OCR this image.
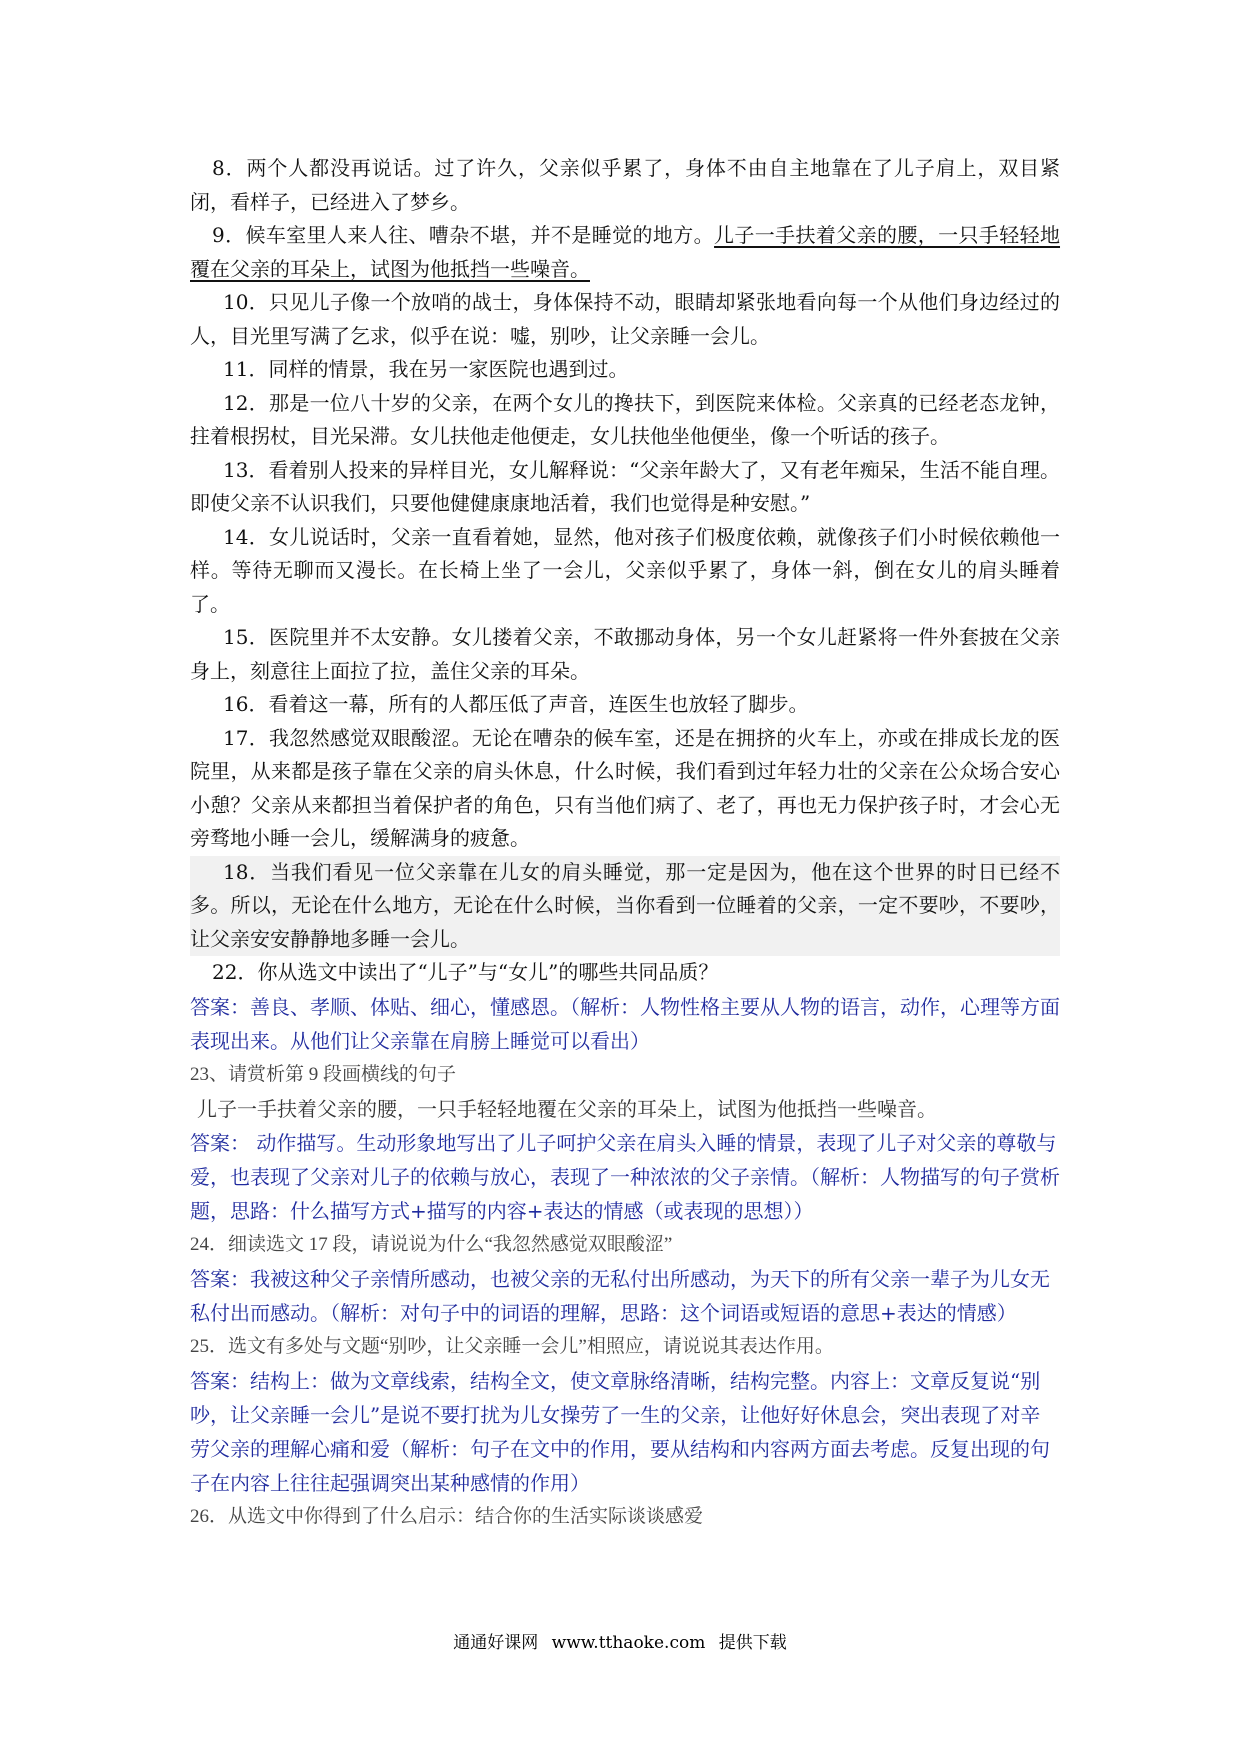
8．两个人都没再说话。过了许久，父亲似乎累了，身体不由自主地靠在了儿子肩上，双目紧闭，看样子，已经进入了梦乡。

9．候车室里人来人往、嘈杂不堪，并不是睡觉的地方。儿子一手扶着父亲的腰，一只手轻轻地覆在父亲的耳朵上，试图为他抵挡一些噪音。

10．只见儿子像一个放哨的战士，身体保持不动，眼睛却紧张地看向每一个从他们身边经过的人，目光里写满了乞求，似乎在说：嘘，别吵，让父亲睡一会儿。

11．同样的情景，我在另一家医院也遇到过。

12．那是一位八十岁的父亲，在两个女儿的搀扶下，到医院来体检。父亲真的已经老态龙钟，拄着根拐杖，目光呆滞。女儿扶他走他便走，女儿扶他坐他便坐，像一个听话的孩子。

13．看着别人投来的异样目光，女儿解释说：“父亲年龄大了，又有老年痴呆，生活不能自理。即使父亲不认识我们，只要他健健康康地活着，我们也觉得是种安慰。”

14．女儿说话时，父亲一直看着她，显然，他对孩子们极度依赖，就像孩子们小时候依赖他一样。等待无聊而又漫长。在长椅上坐了一会儿，父亲似乎累了，身体一斜，倒在女儿的肩头睡着了。

15．医院里并不太安静。女儿搂着父亲，不敢挪动身体，另一个女儿赶紧将一件外套披在父亲身上，刻意往上面拉了拉，盖住父亲的耳朵。

16．看着这一幕，所有的人都压低了声音，连医生也放轻了脚步。

17．我忽然感觉双眼酸涩。无论在嘈杂的候车室，还是在拥挤的火车上，亦或在排成长龙的医院里，从来都是孩子靠在父亲的肩头休息，什么时候，我们看到过年轻力壮的父亲在公众场合安心小憩？父亲从来都担当着保护者的角色，只有当他们病了、老了，再也无力保护孩子时，才会心无旁骛地小睡一会儿，缓解满身的疲惫。

18．当我们看见一位父亲靠在儿女的肩头睡觉，那一定是因为，他在这个世界的时日已经不多。所以，无论在什么地方，无论在什么时候，当你看到一位睡着的父亲，一定不要吵，不要吵，让父亲安安静静地多睡一会儿。

22．你从选文中读出了“儿子”与“女儿”的哪些共同品质？

答案：善良、孝顺、体贴、细心，懂感恩。（解析：人物性格主要从人物的语言，动作，心理等方面表现出来。从他们让父亲靠在肩膀上睡觉可以看出）

23、请赏析第 9 段画横线的句子

儿子一手扶着父亲的腰，一只手轻轻地覆在父亲的耳朵上，试图为他抵挡一些噪音。

答案： 动作描写。生动形象地写出了儿子呵护父亲在肩头入睡的情景，表现了儿子对父亲的尊敬与爱，也表现了父亲对儿子的依赖与放心，表现了一种浓浓的父子亲情。（解析：人物描写的句子赏析题，思路：什么描写方式+描写的内容+表达的情感（或表现的思想））

24．细读选文 17 段，请说说为什么“我忽然感觉双眼酸涩”

答案：我被这种父子亲情所感动，也被父亲的无私付出所感动，为天下的所有父亲一辈子为儿女无私付出而感动。（解析：对句子中的词语的理解，思路：这个词语或短语的意思+表达的情感）

25．选文有多处与文题“别吵，让父亲睡一会儿”相照应，请说说其表达作用。

答案：结构上：做为文章线索，结构全文，使文章脉络清晰，结构完整。内容上：文章反复说“别吵，让父亲睡一会儿”是说不要打扰为儿女操劳了一生的父亲，让他好好休息会，突出表现了对辛劳父亲的理解心痛和爱（解析：句子在文中的作用，要从结构和内容两方面去考虑。反复出现的句子在内容上往往起强调突出某种感情的作用）

26．从选文中你得到了什么启示：结合你的生活实际谈谈感爱

通通好课网 www.tthaoke.com 提供下载
